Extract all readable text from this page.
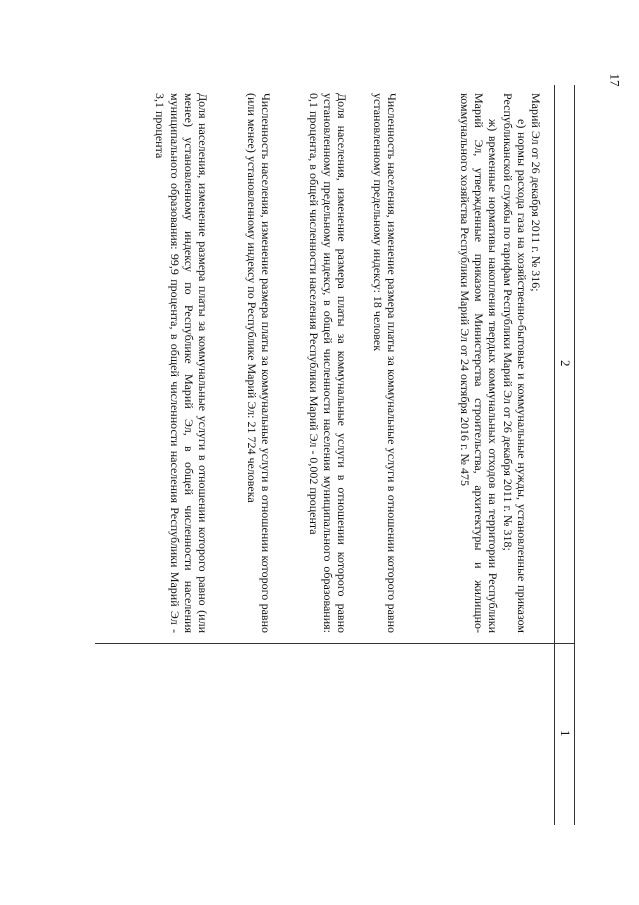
17
1
2

Марий Эл от 26 декабря 2011 г. № 316;

е) нормы расхода газа на хозяйственно-бытовые и коммунальные нужды, установленные приказом Республиканской службы по тарифам Республики Марий Эл от 26 декабря 2011 г. № 318;

ж) временные нормативы накопления твердых коммунальных отходов на территории Республики Марий Эл, утвержденные приказом Министерства строительства, архитектуры и жилищно-коммунального хозяйства Республики Марий Эл от 24 октября 2016 г. № 475

Численность населения, изменение размера платы за коммунальные услуги в отношении которого равно установленному предельному индексу: 18 человек
Доля населения, изменение размера платы за коммунальные услуги в отношении которого равно установленному предельному индексу, в общей численности населения муниципального образования: 0,1 процента, в общей численности населения Республики Марий Эл - 0,002 процента
Численность населения, изменение размера платы за коммунальные услуги в отношении которого равно (или менее) установленному индексу по Республике Марий Эл: 21 724 человека
Доля населения, изменение размера платы за коммунальные услуги в отношении которого равно (или менее) установленному индексу по Республике Марий Эл, в общей численности населения муниципального образования: 99,9 процента, в общей численности населения Республики Марий Эл - 3,1 процента
